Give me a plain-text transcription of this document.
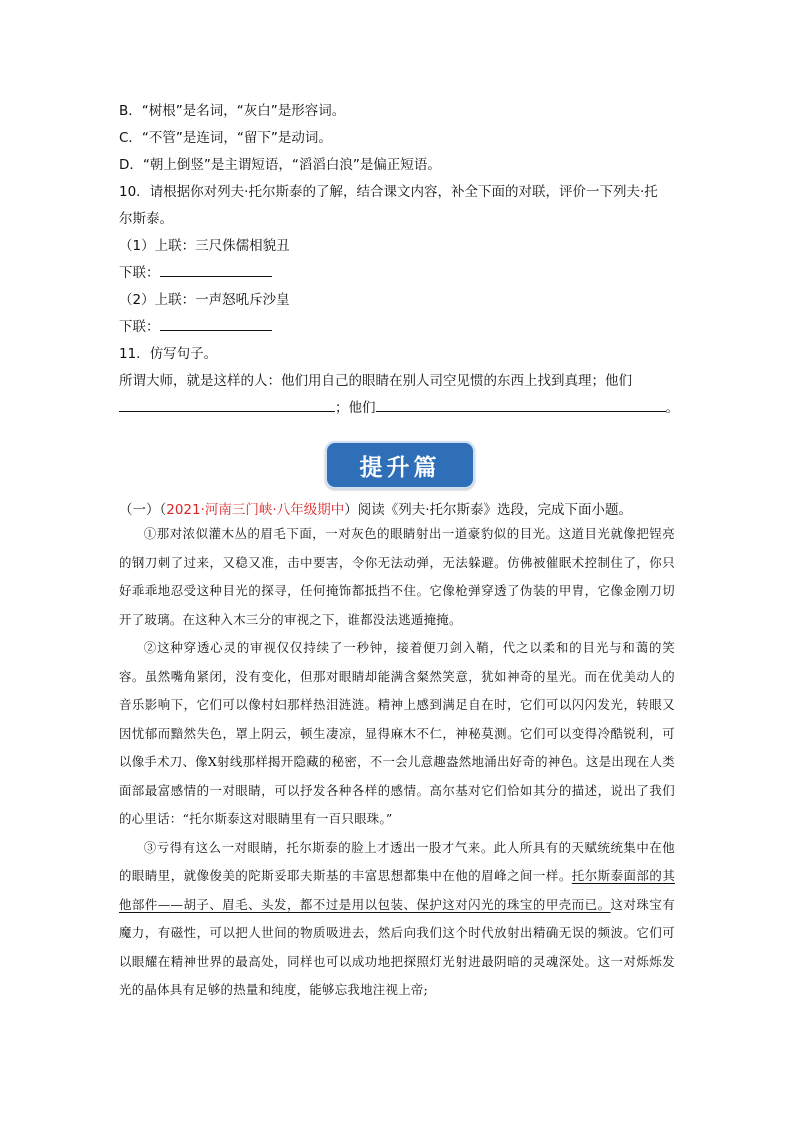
B．“树根”是名词，“灰白”是形容词。
C．“不管”是连词，“留下”是动词。
D．“朝上倒竖”是主谓短语，“滔滔白浪”是偏正短语。
10．请根据你对列夫·托尔斯泰的了解，结合课文内容，补全下面的对联，评价一下列夫·托
尔斯泰。
（1）上联：三尺侏儒相貌丑
下联：
（2）上联：一声怒吼斥沙皇
下联：
11．仿写句子。
所谓大师，就是这样的人：他们用自己的眼睛在别人司空见惯的东西上找到真理；他们
；他们	。
提升篇
（一）（2021·河南三门峡·八年级期中）阅读《列夫·托尔斯泰》选段，完成下面小题。

①那对浓似灌木丛的眉毛下面，一对灰色的眼睛射出一道豪豹似的目光。这道目光就像把锃亮的钢刀刺了过来，又稳又准，击中要害，令你无法动弹，无法躲避。仿佛被催眠术控制住了，你只好乖乖地忍受这种目光的探寻，任何掩饰都抵挡不住。它像枪弹穿透了伪装的甲胄，它像金刚刀切开了玻璃。在这种入木三分的审视之下，谁都没法逃遁掩掩。

②这种穿透心灵的审视仅仅持续了一秒钟，接着便刀剑入鞘，代之以柔和的目光与和蔼的笑容。虽然嘴角紧闭，没有变化，但那对眼睛却能满含粲然笑意，犹如神奇的星光。而在优美动人的音乐影响下，它们可以像村妇那样热泪涟涟。精神上感到满足自在时，它们可以闪闪发光，转眼又因忧郁而黯然失色，罩上阴云，顿生凄凉，显得麻木不仁，神秘莫测。它们可以变得冷酷锐利，可以像手术刀、像X射线那样揭开隐藏的秘密，不一会儿意趣盎然地涌出好奇的神色。这是出现在人类面部最富感情的一对眼睛，可以抒发各种各样的感情。高尔基对它们恰如其分的描述，说出了我们的心里话：“托尔斯泰这对眼睛里有一百只眼珠。”

③亏得有这么一对眼睛，托尔斯泰的脸上才透出一股才气来。此人所具有的天赋统统集中在他的眼睛里，就像俊美的陀斯妥耶夫斯基的丰富思想都集中在他的眉峰之间一样。托尔斯泰面部的其他部件——胡子、眉毛、头发，都不过是用以包装、保护这对闪光的珠宝的甲壳而已。这对珠宝有魔力，有磁性，可以把人世间的物质吸进去，然后向我们这个时代放射出精确无误的频波。它们可以眼耀在精神世界的最高处，同样也可以成功地把探照灯光射进最阴暗的灵魂深处。这一对烁烁发光的晶体具有足够的热量和纯度，能够忘我地注视上帝;
